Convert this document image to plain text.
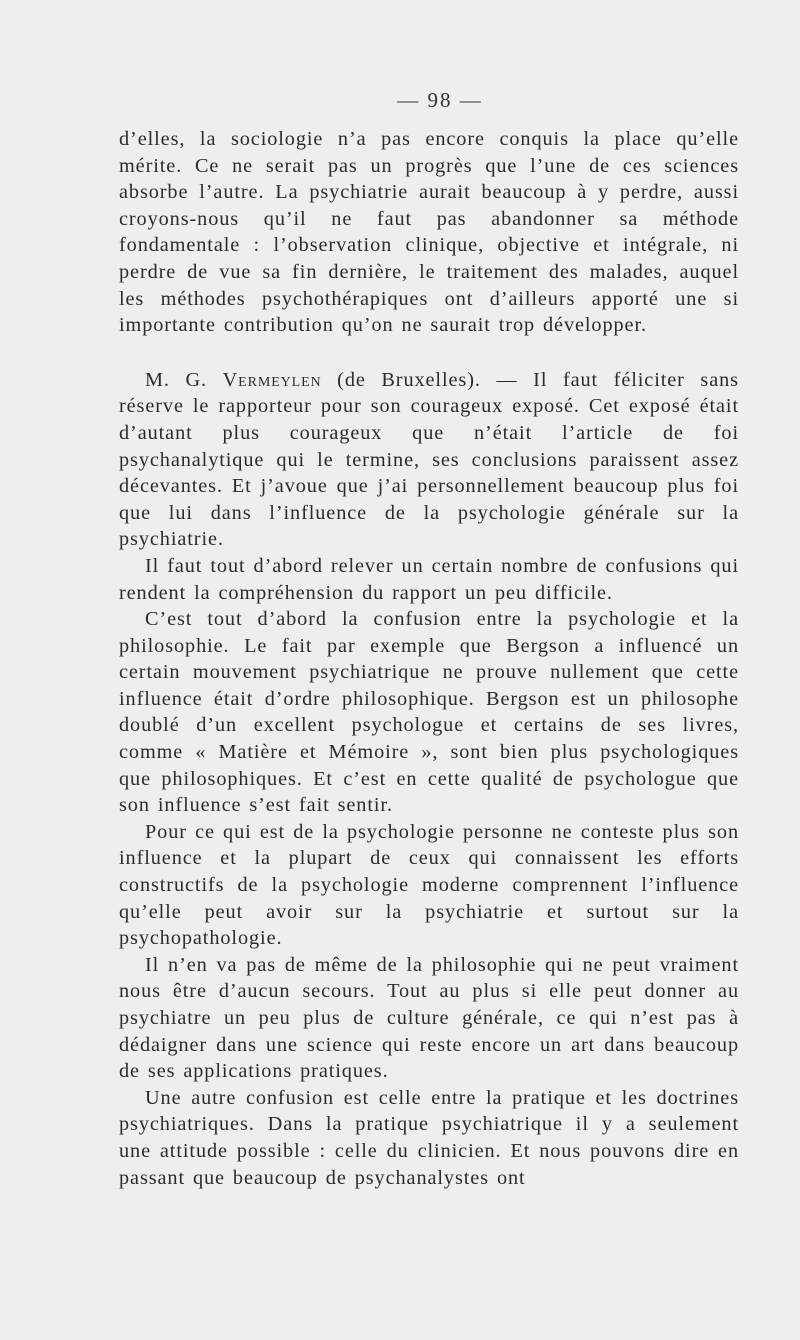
— 98 —

d’elles, la sociologie n’a pas encore conquis la place qu’elle mérite. Ce ne serait pas un progrès que l’une de ces sciences absorbe l’autre. La psychiatrie aurait beaucoup à y perdre, aussi croyons-nous qu’il ne faut pas abandonner sa méthode fondamentale : l’observation clinique, objective et intégrale, ni perdre de vue sa fin dernière, le traitement des malades, auquel les méthodes psychothérapiques ont d’ailleurs apporté une si importante contribution qu’on ne saurait trop développer.

M. G. Vermeylen (de Bruxelles). — Il faut féliciter sans réserve le rapporteur pour son courageux exposé. Cet exposé était d’autant plus courageux que n’était l’article de foi psychanalytique qui le termine, ses conclusions paraissent assez décevantes. Et j’avoue que j’ai personnellement beaucoup plus foi que lui dans l’influence de la psychologie générale sur la psychiatrie.

Il faut tout d’abord relever un certain nombre de confusions qui rendent la compréhension du rapport un peu difficile.

C’est tout d’abord la confusion entre la psychologie et la philosophie. Le fait par exemple que Bergson a influencé un certain mouvement psychiatrique ne prouve nullement que cette influence était d’ordre philosophique. Bergson est un philosophe doublé d’un excellent psychologue et certains de ses livres, comme « Matière et Mémoire », sont bien plus psychologiques que philosophiques. Et c’est en cette qualité de psychologue que son influence s’est fait sentir.

Pour ce qui est de la psychologie personne ne conteste plus son influence et la plupart de ceux qui connaissent les efforts constructifs de la psychologie moderne comprennent l’influence qu’elle peut avoir sur la psychiatrie et surtout sur la psychopathologie.

Il n’en va pas de même de la philosophie qui ne peut vraiment nous être d’aucun secours. Tout au plus si elle peut donner au psychiatre un peu plus de culture générale, ce qui n’est pas à dédaigner dans une science qui reste encore un art dans beaucoup de ses applications pratiques.

Une autre confusion est celle entre la pratique et les doctrines psychiatriques. Dans la pratique psychiatrique il y a seulement une attitude possible : celle du clinicien. Et nous pouvons dire en passant que beaucoup de psychanalystes ont
